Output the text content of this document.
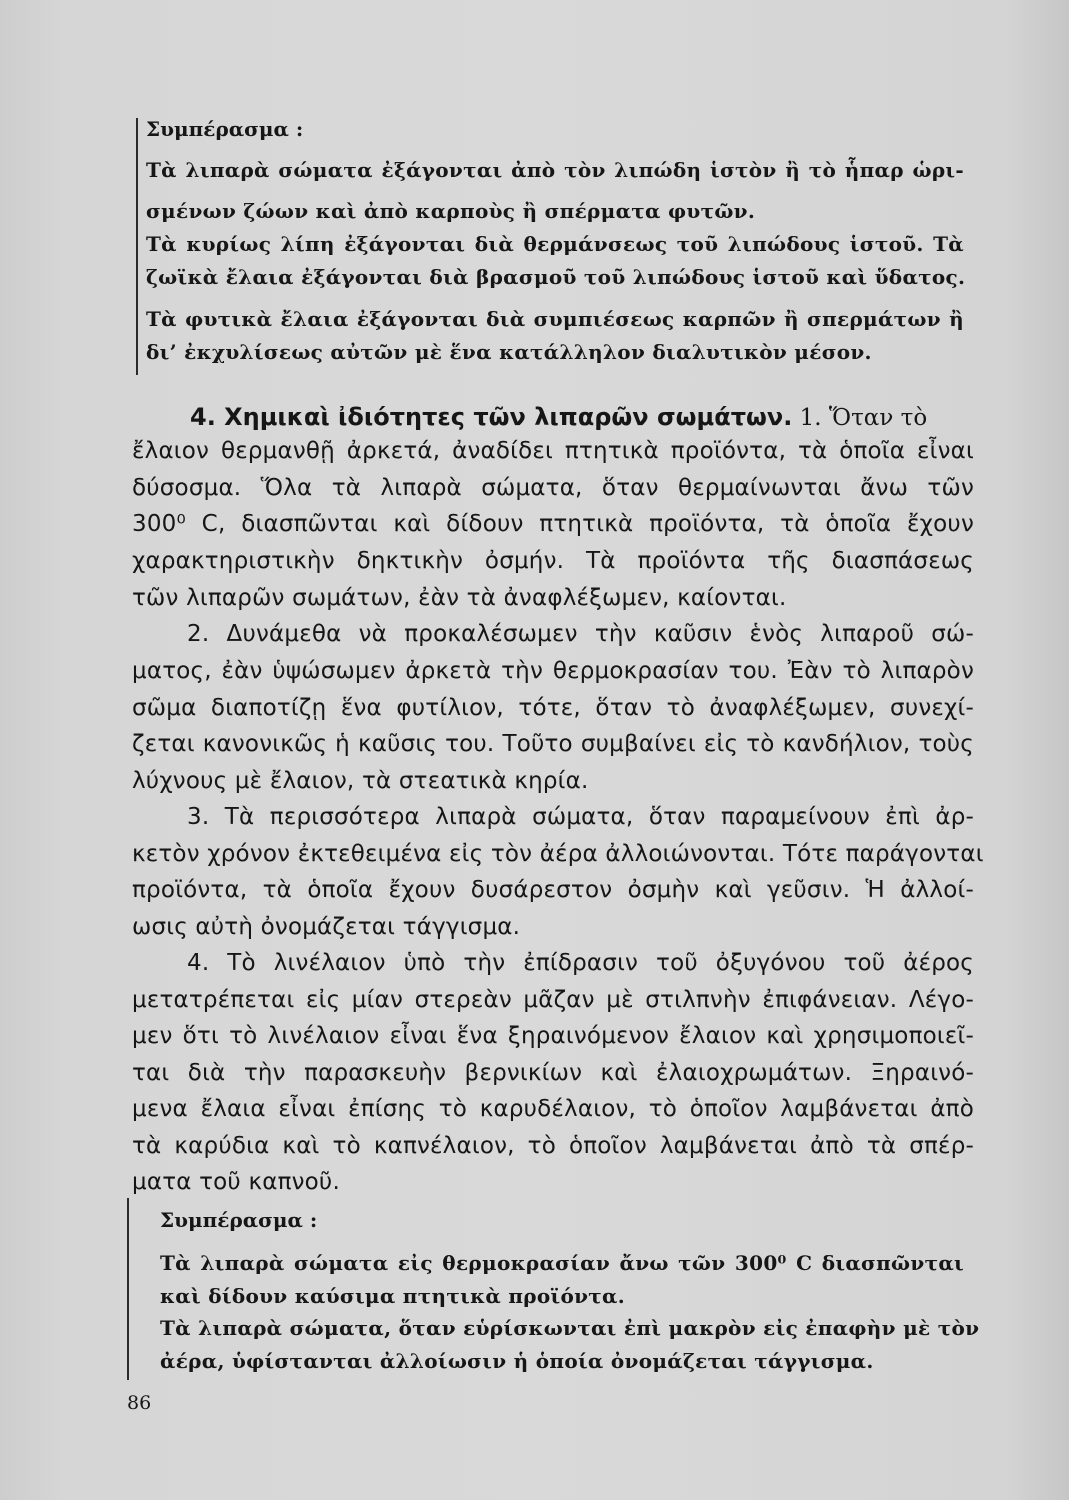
Συμπέρασμα :
Τὰ λιπαρὰ σώματα ἐξάγονται ἀπὸ τὸν λιπώδη ἱστὸν ἢ τὸ ἧπαρ ὡρι-
σμένων ζώων καὶ ἀπὸ καρποὺς ἢ σπέρματα φυτῶν.
Τὰ κυρίως λίπη ἐξάγονται διὰ θερμάνσεως τοῦ λιπώδους ἱστοῦ. Τὰ
ζωϊκὰ ἔλαια ἐξάγονται διὰ βρασμοῦ τοῦ λιπώδους ἱστοῦ καὶ ὕδατος.
Τὰ φυτικὰ ἔλαια ἐξάγονται διὰ συμπιέσεως καρπῶν ἢ σπερμάτων ἢ
δι’ ἐκχυλίσεως αὐτῶν μὲ ἕνα κατάλληλον διαλυτικὸν μέσον.
4. Χημικαὶ ἰδιότητες τῶν λιπαρῶν σωμάτων. 1. Ὅταν τὸ
ἔλαιον θερμανθῇ ἀρκετά, ἀναδίδει πτητικὰ προϊόντα, τὰ ὁποῖα εἶναι
δύσοσμα. Ὅλα τὰ λιπαρὰ σώματα, ὅταν θερμαίνωνται ἄνω τῶν
300⁰ C, διασπῶνται καὶ δίδουν πτητικὰ προϊόντα, τὰ ὁποῖα ἔχουν
χαρακτηριστικὴν δηκτικὴν ὀσμήν. Τὰ προϊόντα τῆς διασπάσεως
τῶν λιπαρῶν σωμάτων, ἐὰν τὰ ἀναφλέξωμεν, καίονται.
2. Δυνάμεθα νὰ προκαλέσωμεν τὴν καῦσιν ἑνὸς λιπαροῦ σώ-
ματος, ἐὰν ὑψώσωμεν ἀρκετὰ τὴν θερμοκρασίαν του. Ἐὰν τὸ λιπαρὸν
σῶμα διαποτίζῃ ἕνα φυτίλιον, τότε, ὅταν τὸ ἀναφλέξωμεν, συνεχί-
ζεται κανονικῶς ἡ καῦσις του. Τοῦτο συμβαίνει εἰς τὸ κανδήλιον, τοὺς
λύχνους μὲ ἔλαιον, τὰ στεατικὰ κηρία.
3. Τὰ περισσότερα λιπαρὰ σώματα, ὅταν παραμείνουν ἐπὶ ἀρ-
κετὸν χρόνον ἐκτεθειμένα εἰς τὸν ἀέρα ἀλλοιώνονται. Τότε παράγονται
προϊόντα, τὰ ὁποῖα ἔχουν δυσάρεστον ὀσμὴν καὶ γεῦσιν. Ἡ ἀλλοί-
ωσις αὐτὴ ὀνομάζεται τάγγισμα.
4. Τὸ λινέλαιον ὑπὸ τὴν ἐπίδρασιν τοῦ ὀξυγόνου τοῦ ἀέρος
μετατρέπεται εἰς μίαν στερεὰν μᾶζαν μὲ στιλπνὴν ἐπιφάνειαν. Λέγο-
μεν ὅτι τὸ λινέλαιον εἶναι ἕνα ξηραινόμενον ἔλαιον καὶ χρησιμοποιεῖ-
ται διὰ τὴν παρασκευὴν βερνικίων καὶ ἐλαιοχρωμάτων. Ξηραινό-
μενα ἔλαια εἶναι ἐπίσης τὸ καρυδέλαιον, τὸ ὁποῖον λαμβάνεται ἀπὸ
τὰ καρύδια καὶ τὸ καπνέλαιον, τὸ ὁποῖον λαμβάνεται ἀπὸ τὰ σπέρ-
ματα τοῦ καπνοῦ.
Συμπέρασμα :
Τὰ λιπαρὰ σώματα εἰς θερμοκρασίαν ἄνω τῶν 300⁰ C διασπῶνται
καὶ δίδουν καύσιμα πτητικὰ προϊόντα.
Τὰ λιπαρὰ σώματα, ὅταν εὑρίσκωνται ἐπὶ μακρὸν εἰς ἐπαφὴν μὲ τὸν
ἀέρα, ὑφίστανται ἀλλοίωσιν ἡ ὁποία ὀνομάζεται τάγγισμα.
86
